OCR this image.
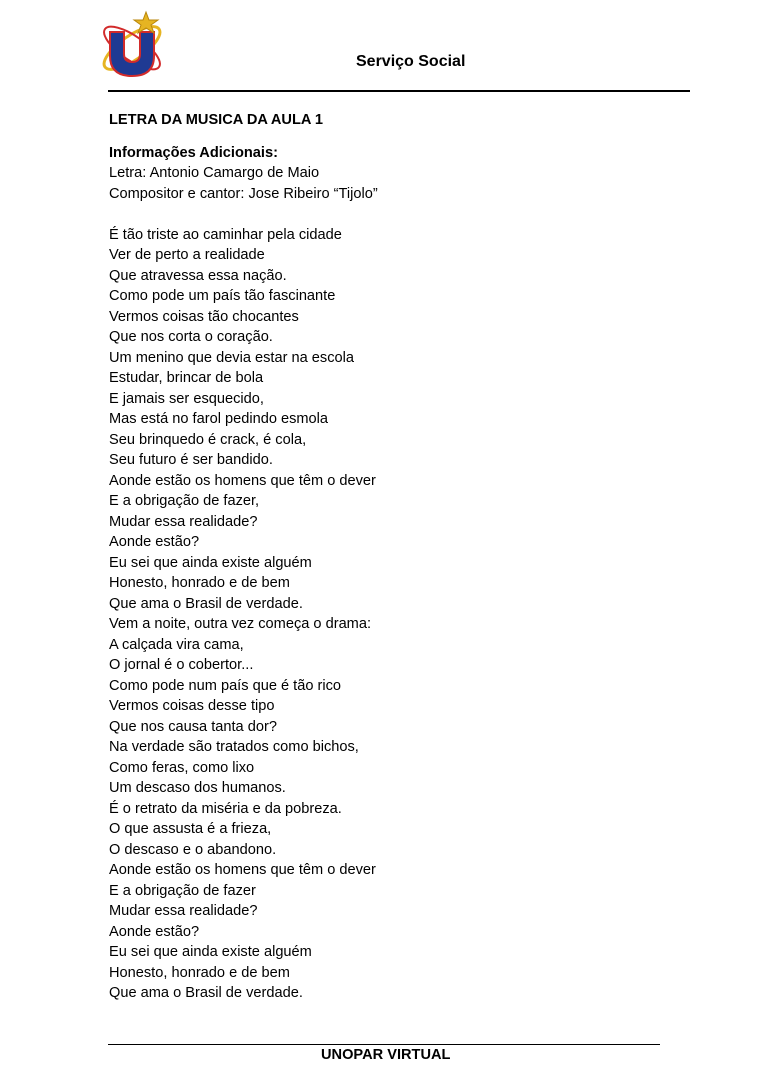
Serviço Social
LETRA DA MUSICA DA AULA 1
Informações Adicionais:
Letra: Antonio Camargo de Maio
Compositor e cantor: Jose Ribeiro “Tijolo”
É tão triste ao caminhar pela cidade
Ver de perto a realidade
Que atravessa essa nação.
Como pode um país tão fascinante
Vermos coisas tão chocantes
Que nos corta o coração.
Um menino que devia estar na escola
Estudar, brincar de bola
E jamais ser esquecido,
Mas está no farol pedindo esmola
Seu brinquedo é crack, é cola,
Seu futuro é ser bandido.
Aonde estão os homens que têm o dever
E a obrigação de fazer,
Mudar essa realidade?
Aonde estão?
Eu sei que ainda existe alguém
Honesto, honrado e de bem
Que ama o Brasil de verdade.
Vem a noite, outra vez começa o drama:
A calçada vira cama,
O jornal é o cobertor...
Como pode num país que é tão rico
Vermos coisas desse tipo
Que nos causa tanta dor?
Na verdade são tratados como bichos,
Como feras, como lixo
Um descaso dos humanos.
É o retrato da miséria e da pobreza.
O que assusta é a frieza,
O descaso e o abandono.
Aonde estão os homens que têm o dever
E a obrigação de fazer
Mudar essa realidade?
Aonde estão?
Eu sei que ainda existe alguém
Honesto, honrado e de bem
Que ama o Brasil de verdade.
UNOPAR VIRTUAL
